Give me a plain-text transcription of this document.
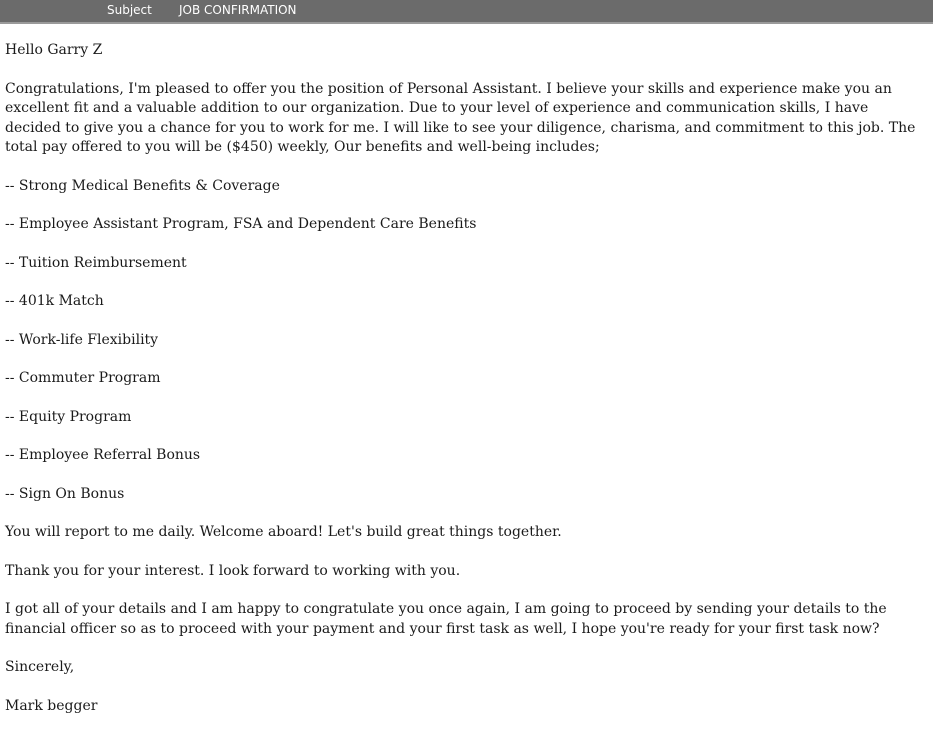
Subject JOB CONFIRMATION

Hello Garry Z

Congratulations, I'm pleased to offer you the position of Personal Assistant. I believe your skills and experience make you an excellent fit and a valuable addition to our organization. Due to your level of experience and communication skills, I have decided to give you a chance for you to work for me. I will like to see your diligence, charisma, and commitment to this job. The total pay offered to you will be ($450) weekly, Our benefits and well-being includes;

-- Strong Medical Benefits & Coverage
-- Employee Assistant Program, FSA and Dependent Care Benefits
-- Tuition Reimbursement
-- 401k Match
-- Work-life Flexibility
-- Commuter Program
-- Equity Program
-- Employee Referral Bonus
-- Sign On Bonus

You will report to me daily. Welcome aboard! Let's build great things together.

Thank you for your interest. I look forward to working with you.

I got all of your details and I am happy to congratulate you once again, I am going to proceed by sending your details to the financial officer so as to proceed with your payment and your first task as well, I hope you're ready for your first task now?

Sincerely,

Mark begger
